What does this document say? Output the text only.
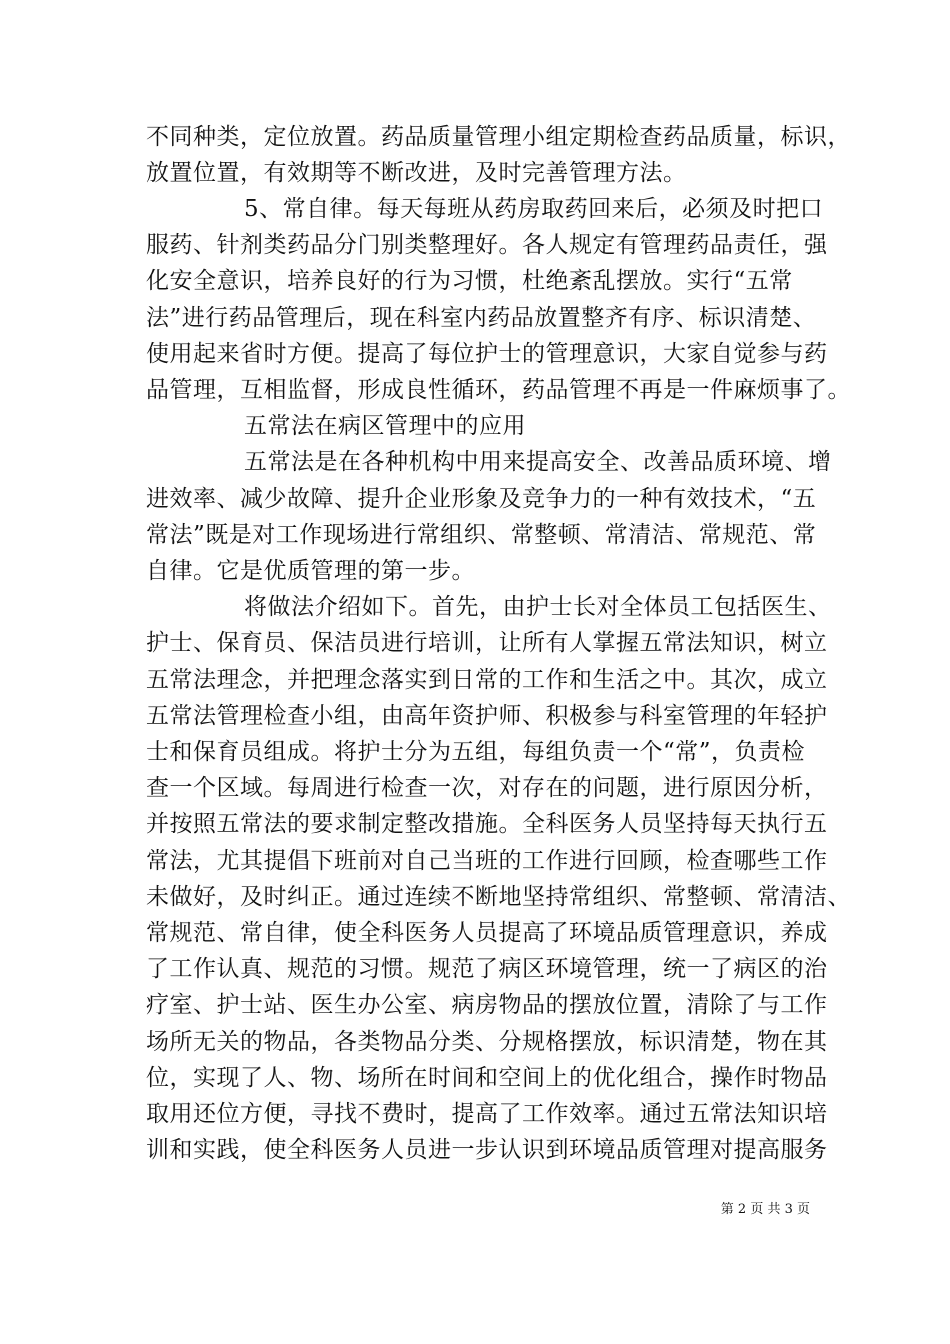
不同种类，定位放置。药品质量管理小组定期检查药品质量，标识，
放置位置，有效期等不断改进，及时完善管理方法。
5、常自律。每天每班从药房取药回来后，必须及时把口
服药、针剂类药品分门别类整理好。各人规定有管理药品责任，强
化安全意识，培养良好的行为习惯，杜绝紊乱摆放。实行“五常
法”进行药品管理后，现在科室内药品放置整齐有序、标识清楚、
使用起来省时方便。提高了每位护士的管理意识，大家自觉参与药
品管理，互相监督，形成良性循环，药品管理不再是一件麻烦事了。
五常法在病区管理中的应用
五常法是在各种机构中用来提高安全、改善品质环境、增
进效率、减少故障、提升企业形象及竞争力的一种有效技术，“五
常法”既是对工作现场进行常组织、常整顿、常清洁、常规范、常
自律。它是优质管理的第一步。
将做法介绍如下。首先，由护士长对全体员工包括医生、
护士、保育员、保洁员进行培训，让所有人掌握五常法知识，树立
五常法理念，并把理念落实到日常的工作和生活之中。其次，成立
五常法管理检查小组，由高年资护师、积极参与科室管理的年轻护
士和保育员组成。将护士分为五组，每组负责一个“常”，负责检
查一个区域。每周进行检查一次，对存在的问题，进行原因分析，
并按照五常法的要求制定整改措施。全科医务人员坚持每天执行五
常法，尤其提倡下班前对自己当班的工作进行回顾，检查哪些工作
未做好，及时纠正。通过连续不断地坚持常组织、常整顿、常清洁、
常规范、常自律，使全科医务人员提高了环境品质管理意识，养成
了工作认真、规范的习惯。规范了病区环境管理，统一了病区的治
疗室、护士站、医生办公室、病房物品的摆放位置，清除了与工作
场所无关的物品，各类物品分类、分规格摆放，标识清楚，物在其
位，实现了人、物、场所在时间和空间上的优化组合，操作时物品
取用还位方便，寻找不费时，提高了工作效率。通过五常法知识培
训和实践，使全科医务人员进一步认识到环境品质管理对提高服务
第 2 页 共 3 页
